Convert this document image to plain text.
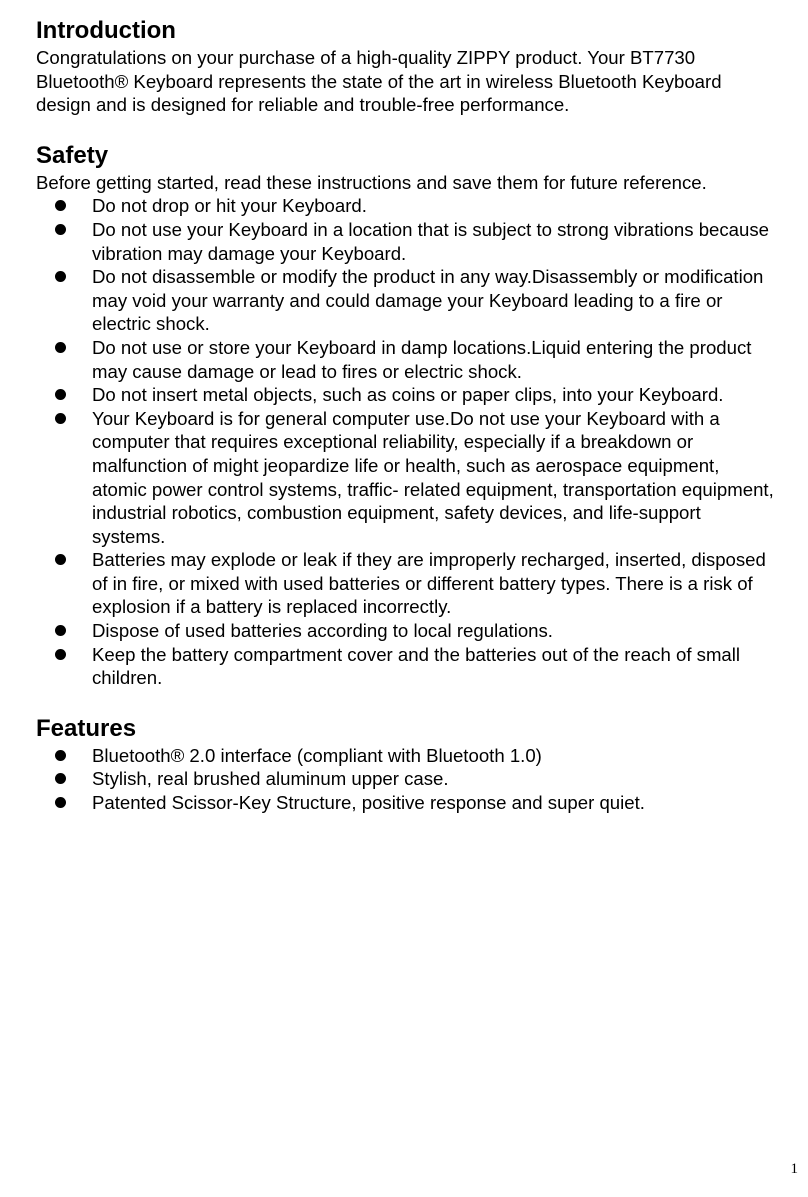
Introduction

Congratulations on your purchase of a high-quality ZIPPY product. Your BT7730 Bluetooth® Keyboard represents the state of the art in wireless Bluetooth Keyboard design and is designed for reliable and trouble-free performance.

Safety

Before getting started, read these instructions and save them for future reference.

Do not drop or hit your Keyboard.
Do not use your Keyboard in a location that is subject to strong vibrations because vibration may damage your Keyboard.
Do not disassemble or modify the product in any way.Disassembly or modification may void your warranty and could damage your Keyboard leading to a fire or electric shock.
Do not use or store your Keyboard in damp locations.Liquid entering the product may cause damage or lead to fires or electric shock.
Do not insert metal objects, such as coins or paper clips, into your Keyboard.
Your Keyboard is for general computer use.Do not use your Keyboard with a computer that requires exceptional reliability, especially if a breakdown or malfunction of might jeopardize life or health, such as aerospace equipment, atomic power control systems, traffic- related equipment, transportation equipment, industrial robotics, combustion equipment, safety devices, and life-support systems.
Batteries may explode or leak if they are improperly recharged, inserted, disposed of in fire, or mixed with used batteries or different battery types. There is a risk of explosion if a battery is replaced incorrectly.
Dispose of used batteries according to local regulations.
Keep the battery compartment cover and the batteries out of the reach of small children.
Features
Bluetooth® 2.0 interface (compliant with Bluetooth 1.0)
Stylish, real brushed aluminum upper case.
Patented Scissor-Key Structure, positive response and super quiet.
1
